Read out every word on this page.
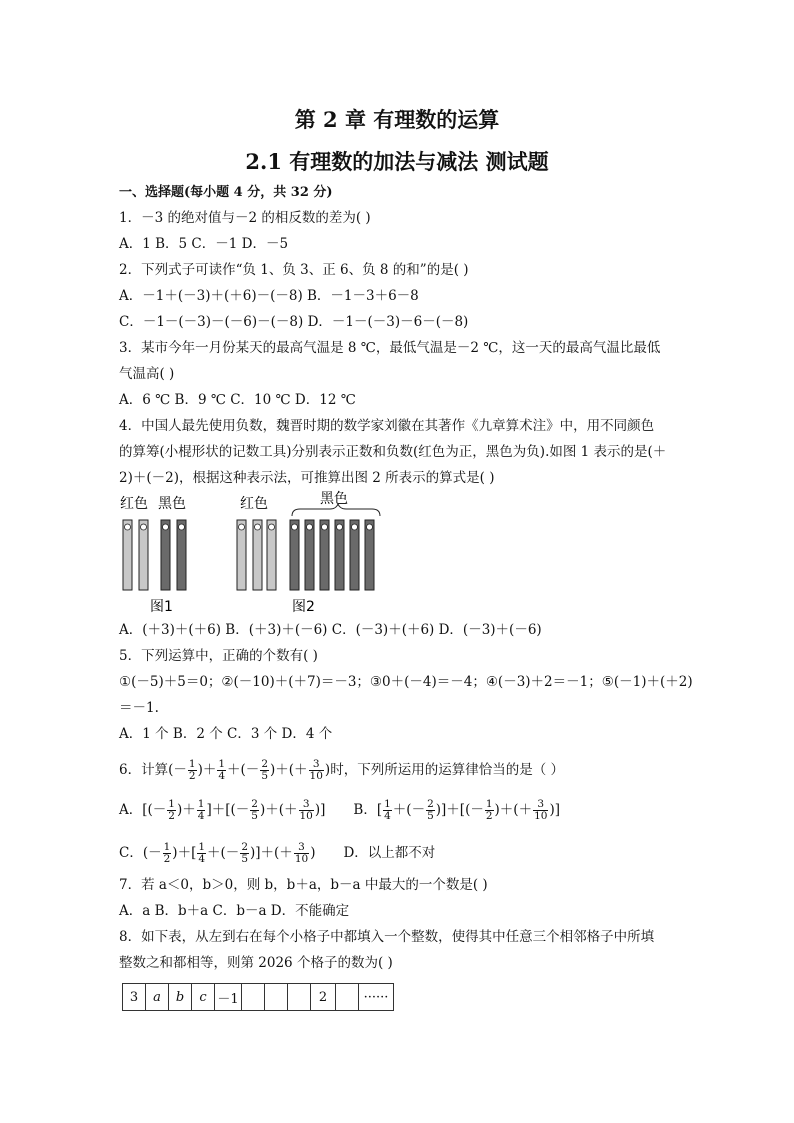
第 2 章 有理数的运算
2.1 有理数的加法与减法 测试题
一、选择题(每小题 4 分，共 32 分)
1．－3 的绝对值与－2 的相反数的差为( )
A．1 B．5 C．－1 D．－5
2．下列式子可读作“负 1、负 3、正 6、负 8 的和”的是( )
A．－1＋(－3)＋(＋6)－(－8) B．－1－3＋6－8
C．－1－(－3)－(－6)－(－8) D．－1－(－3)－6－(－8)
3．某市今年一月份某天的最高气温是 8 ℃，最低气温是－2 ℃，这一天的最高气温比最低
气温高( )
A．6 ℃ B．9 ℃ C．10 ℃ D．12 ℃
4．中国人最先使用负数，魏晋时期的数学家刘徽在其著作《九章算术注》中，用不同颜色
的算筹(小棍形状的记数工具)分别表示正数和负数(红色为正，黑色为负).如图 1 表示的是(＋
2)＋(－2)，根据这种表示法，可推算出图 2 所表示的算式是( )
红色 黑色
图1
红色	黑色
图2
A．(＋3)＋(＋6) B．(＋3)＋(－6) C．(－3)＋(＋6) D．(－3)＋(－6)
5．下列运算中，正确的个数有( )
①(－5)＋5＝0；②(－10)＋(＋7)＝－3；③0＋(－4)＝－4；④(－3)＋2＝－1；⑤(－1)＋(＋2)
＝－1.
A．1 个 B．2 个 C．3 个 D．4 个
6．计算(－ $\frac{1}{2}$ )＋ $\frac{1}{4}$ ＋(－ $\frac{2}{5}$ )＋(＋ $\frac{3}{10}$ )时，下列所运用的运算律恰当的是（ ）
A．[(－ $\frac{1}{2}$ )＋ $\frac{1}{4}$ ]＋[(－ $\frac{2}{5}$ )＋(＋ $\frac{3}{10}$ )] B．[ $\frac{1}{4}$ ＋(－ $\frac{2}{5}$ )]＋[(－ $\frac{1}{2}$ )＋(＋ $\frac{3}{10}$ )]
C．(－ $\frac{1}{2}$ )＋[ $\frac{1}{4}$ ＋(－ $\frac{2}{5}$ )]＋(＋ $\frac{3}{10}$ ) D．以上都不对
7．若 a＜0，b＞0，则 b，b＋a，b－a 中最大的一个数是( )
A．a B．b＋a C．b－a D．不能确定
8．如下表，从左到右在每个小格子中都填入一个整数，使得其中任意三个相邻格子中所填
整数之和都相等，则第 2026 个格子的数为( )
3	a	b	c	－1				2		······
